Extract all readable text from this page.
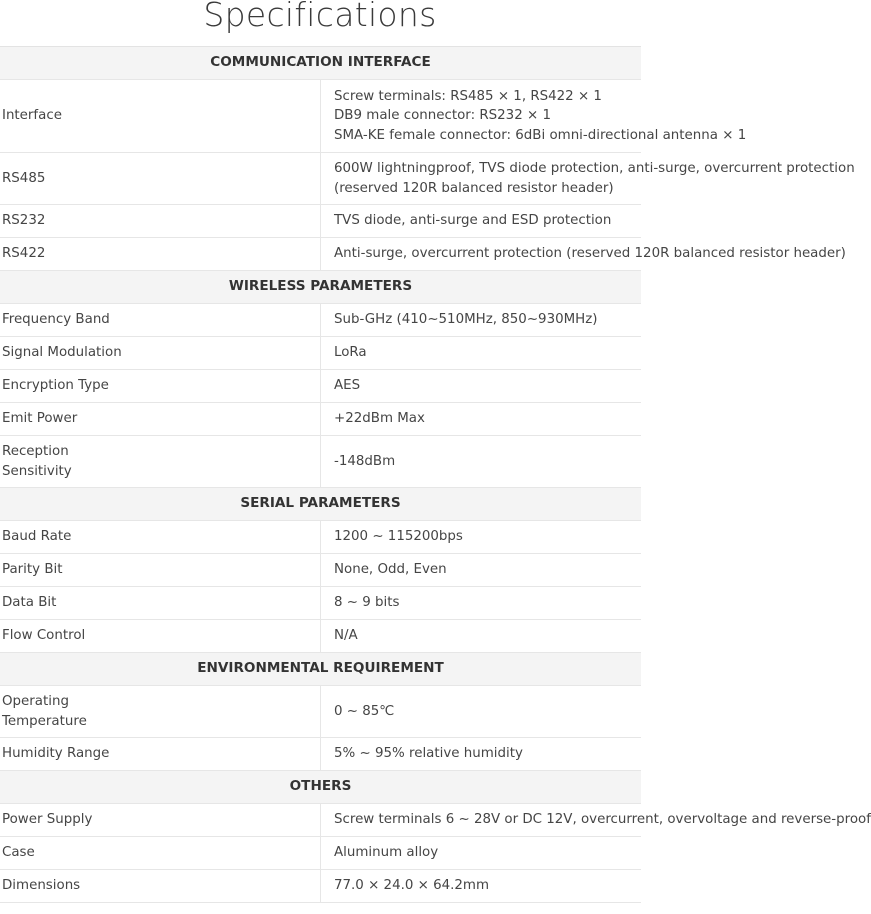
Specifications
COMMUNICATION INTERFACE	

Interface	Screw terminals: RS485 × 1, RS422 × 1
DB9 male connector: RS232 × 1
SMA-KE female connector: 6dBi omni-directional antenna × 1

RS485	600W lightningproof, TVS diode protection, anti-surge, overcurrent protection
(reserved 120R balanced resistor header)

RS232	TVS diode, anti-surge and ESD protection

RS422	Anti-surge, overcurrent protection (reserved 120R balanced resistor header)

WIRELESS PARAMETERS	

Frequency Band	Sub-GHz (410~510MHz, 850~930MHz)

Signal Modulation	LoRa

Encryption Type	AES

Emit Power	+22dBm Max

Reception
Sensitivity	-148dBm

SERIAL PARAMETERS	

Baud Rate	1200 ~ 115200bps

Parity Bit	None, Odd, Even

Data Bit	8 ~ 9 bits

Flow Control	N/A

ENVIRONMENTAL REQUIREMENT	

Operating
Temperature	0 ~ 85℃

Humidity Range	5% ~ 95% relative humidity

OTHERS	

Power Supply	Screw terminals 6 ~ 28V or DC 12V, overcurrent, overvoltage and reverse-proof

Case	Aluminum alloy

Dimensions	77.0 × 24.0 × 64.2mm
